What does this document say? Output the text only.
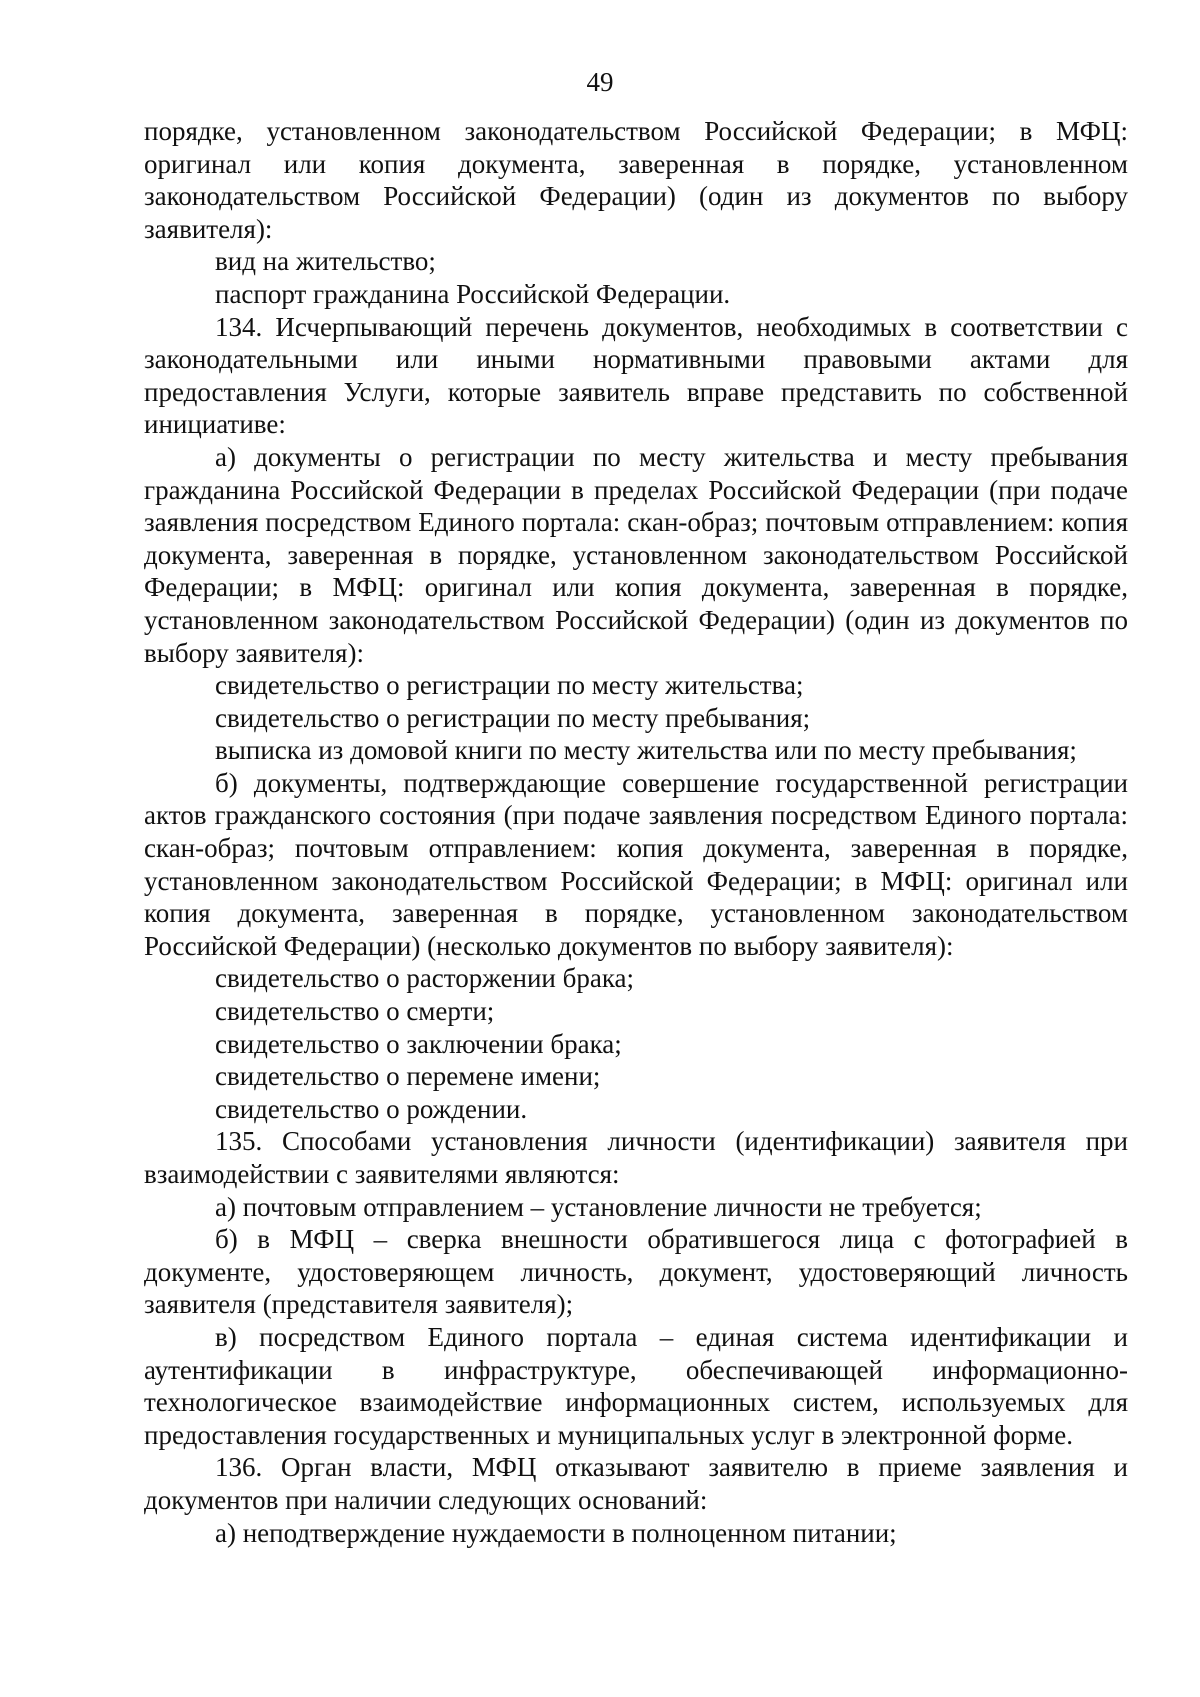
49

порядке, установленном законодательством Российской Федерации; в МФЦ: оригинал или копия документа, заверенная в порядке, установленном законодательством Российской Федерации) (один из документов по выбору заявителя):

вид на жительство;

паспорт гражданина Российской Федерации.

134. Исчерпывающий перечень документов, необходимых в соответствии с законодательными или иными нормативными правовыми актами для предоставления Услуги, которые заявитель вправе представить по собственной инициативе:

а) документы о регистрации по месту жительства и месту пребывания гражданина Российской Федерации в пределах Российской Федерации (при подаче заявления посредством Единого портала: скан-образ; почтовым отправлением: копия документа, заверенная в порядке, установленном законодательством Российской Федерации; в МФЦ: оригинал или копия документа, заверенная в порядке, установленном законодательством Российской Федерации) (один из документов по выбору заявителя):

свидетельство о регистрации по месту жительства;

свидетельство о регистрации по месту пребывания;

выписка из домовой книги по месту жительства или по месту пребывания;

б) документы, подтверждающие совершение государственной регистрации актов гражданского состояния (при подаче заявления посредством Единого портала: скан-образ; почтовым отправлением: копия документа, заверенная в порядке, установленном законодательством Российской Федерации; в МФЦ: оригинал или копия документа, заверенная в порядке, установленном законодательством Российской Федерации) (несколько документов по выбору заявителя):

свидетельство о расторжении брака;

свидетельство о смерти;

свидетельство о заключении брака;

свидетельство о перемене имени;

свидетельство о рождении.

135. Способами установления личности (идентификации) заявителя при взаимодействии с заявителями являются:

а) почтовым отправлением – установление личности не требуется;

б) в МФЦ – сверка внешности обратившегося лица с фотографией в документе, удостоверяющем личность, документ, удостоверяющий личность заявителя (представителя заявителя);

в) посредством Единого портала – единая система идентификации и аутентификации в инфраструктуре, обеспечивающей информационно-технологическое взаимодействие информационных систем, используемых для предоставления государственных и муниципальных услуг в электронной форме.

136. Орган власти, МФЦ отказывают заявителю в приеме заявления и документов при наличии следующих оснований:

а) неподтверждение нуждаемости в полноценном питании;
